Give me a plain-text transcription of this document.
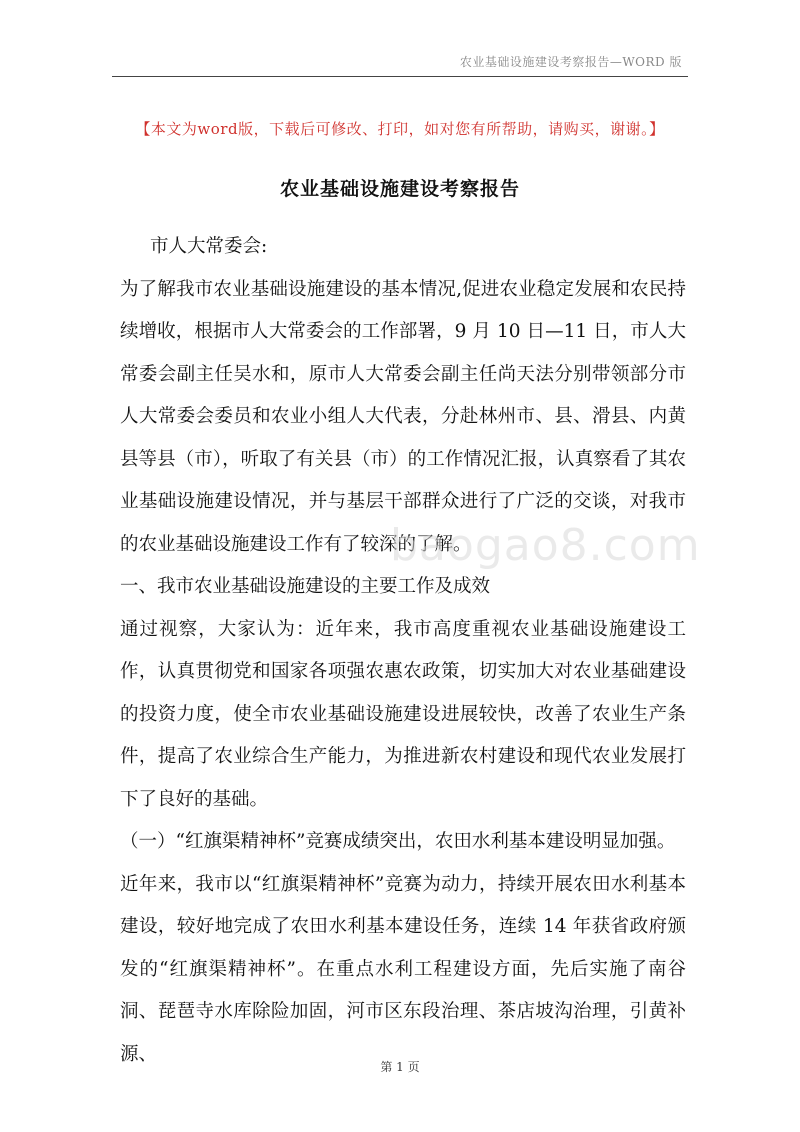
农业基础设施建设考察报告—WORD 版
【本文为word版，下载后可修改、打印，如对您有所帮助，请购买，谢谢。】
农业基础设施建设考察报告

市人大常委会:

为了解我市农业基础设施建设的基本情况,促进农业稳定发展和农民持续增收，根据市人大常委会的工作部署，9 月 10 日—11 日，市人大常委会副主任吴水和，原市人大常委会副主任尚天法分别带领部分市人大常委会委员和农业小组人大代表，分赴林州市、县、滑县、内黄县等县（市），听取了有关县（市）的工作情况汇报，认真察看了其农业基础设施建设情况，并与基层干部群众进行了广泛的交谈，对我市的农业基础设施建设工作有了较深的了解。

一、我市农业基础设施建设的主要工作及成效

通过视察，大家认为：近年来，我市高度重视农业基础设施建设工作，认真贯彻党和国家各项强农惠农政策，切实加大对农业基础建设的投资力度，使全市农业基础设施建设进展较快，改善了农业生产条件，提高了农业综合生产能力，为推进新农村建设和现代农业发展打下了良好的基础。

（一）“红旗渠精神杯”竞赛成绩突出，农田水利基本建设明显加强。

近年来，我市以“红旗渠精神杯”竞赛为动力，持续开展农田水利基本建设，较好地完成了农田水利基本建设任务，连续 14 年获省政府颁发的“红旗渠精神杯”。在重点水利工程建设方面，先后实施了南谷洞、琵琶寺水库除险加固，河市区东段治理、茶店坡沟治理，引黄补源、

baogao8.com
第 1 页
